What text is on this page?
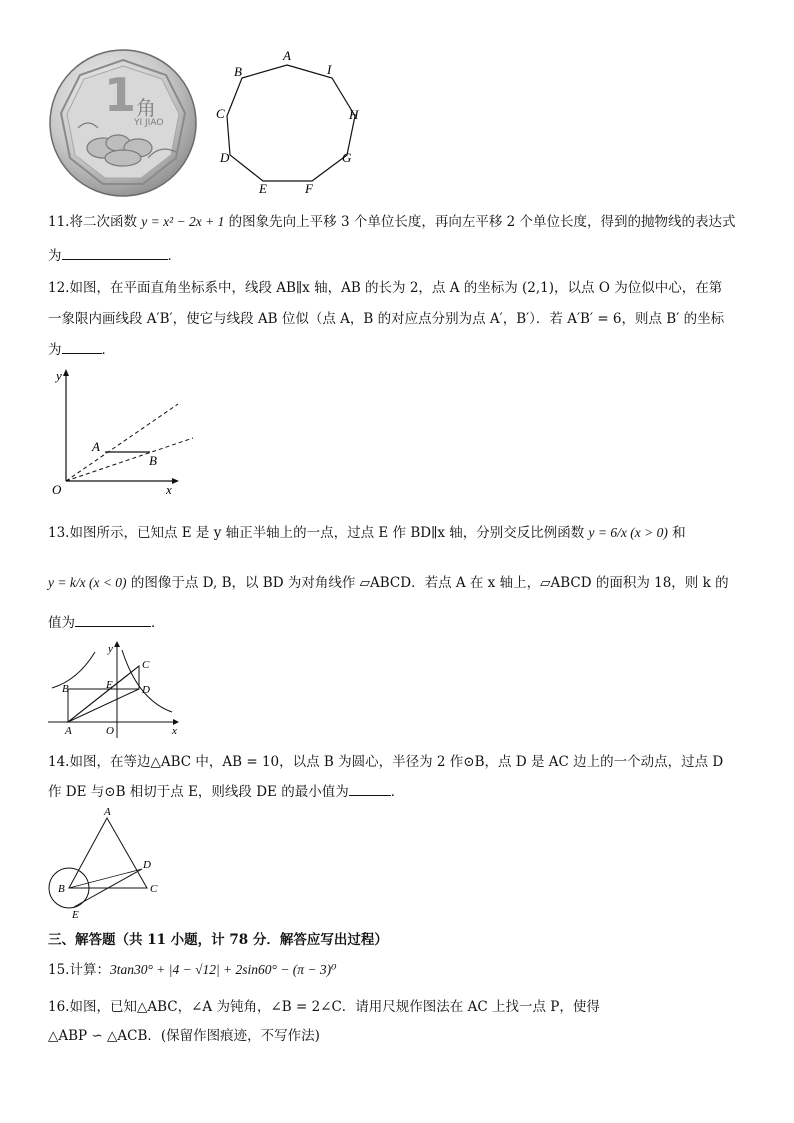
1 角
YI JIAO
A
I
H
G
F
E
D
C
B
11.将二次函数 y = x² − 2x + 1 的图象先向上平移 3 个单位长度，再向左平移 2 个单位长度，得到的抛物线的表达式
为	．
12.如图，在平面直角坐标系中，线段 AB∥x 轴，AB 的长为 2，点 A 的坐标为 (2,1)，以点 O 为位似中心，在第
一象限内画线段 A′B′，使它与线段 AB 位似（点 A，B 的对应点分别为点 A′，B′）．若 A′B′ = 6，则点 B′ 的坐标
为	．
y
x
O
A
B
13.如图所示，已知点 E 是 y 轴正半轴上的一点，过点 E 作 BD∥x 轴，分别交反比例函数 y = 6/x (x > 0) 和
y = k/x (x < 0) 的图像于点 D, B，以 BD 为对角线作 ▱ABCD．若点 A 在 x 轴上，▱ABCD 的面积为 18，则 k 的
值为	．
y
x
O
A
B	E	D
C
14.如图，在等边△ABC 中，AB = 10，以点 B 为圆心，半径为 2 作⊙B，点 D 是 AC 边上的一个动点，过点 D
作 DE 与⊙B 相切于点 E，则线段 DE 的最小值为	．
A
B	C
D
E
三、解答题（共 11 小题，计 78 分．解答应写出过程）
15.计算：3tan30° + |4 − √12| + 2sin60° − (π − 3)⁰
16.如图，已知△ABC，∠A 为钝角，∠B = 2∠C．请用尺规作图法在 AC 上找一点 P，使得
△ABP ∽ △ACB．(保留作图痕迹，不写作法)
